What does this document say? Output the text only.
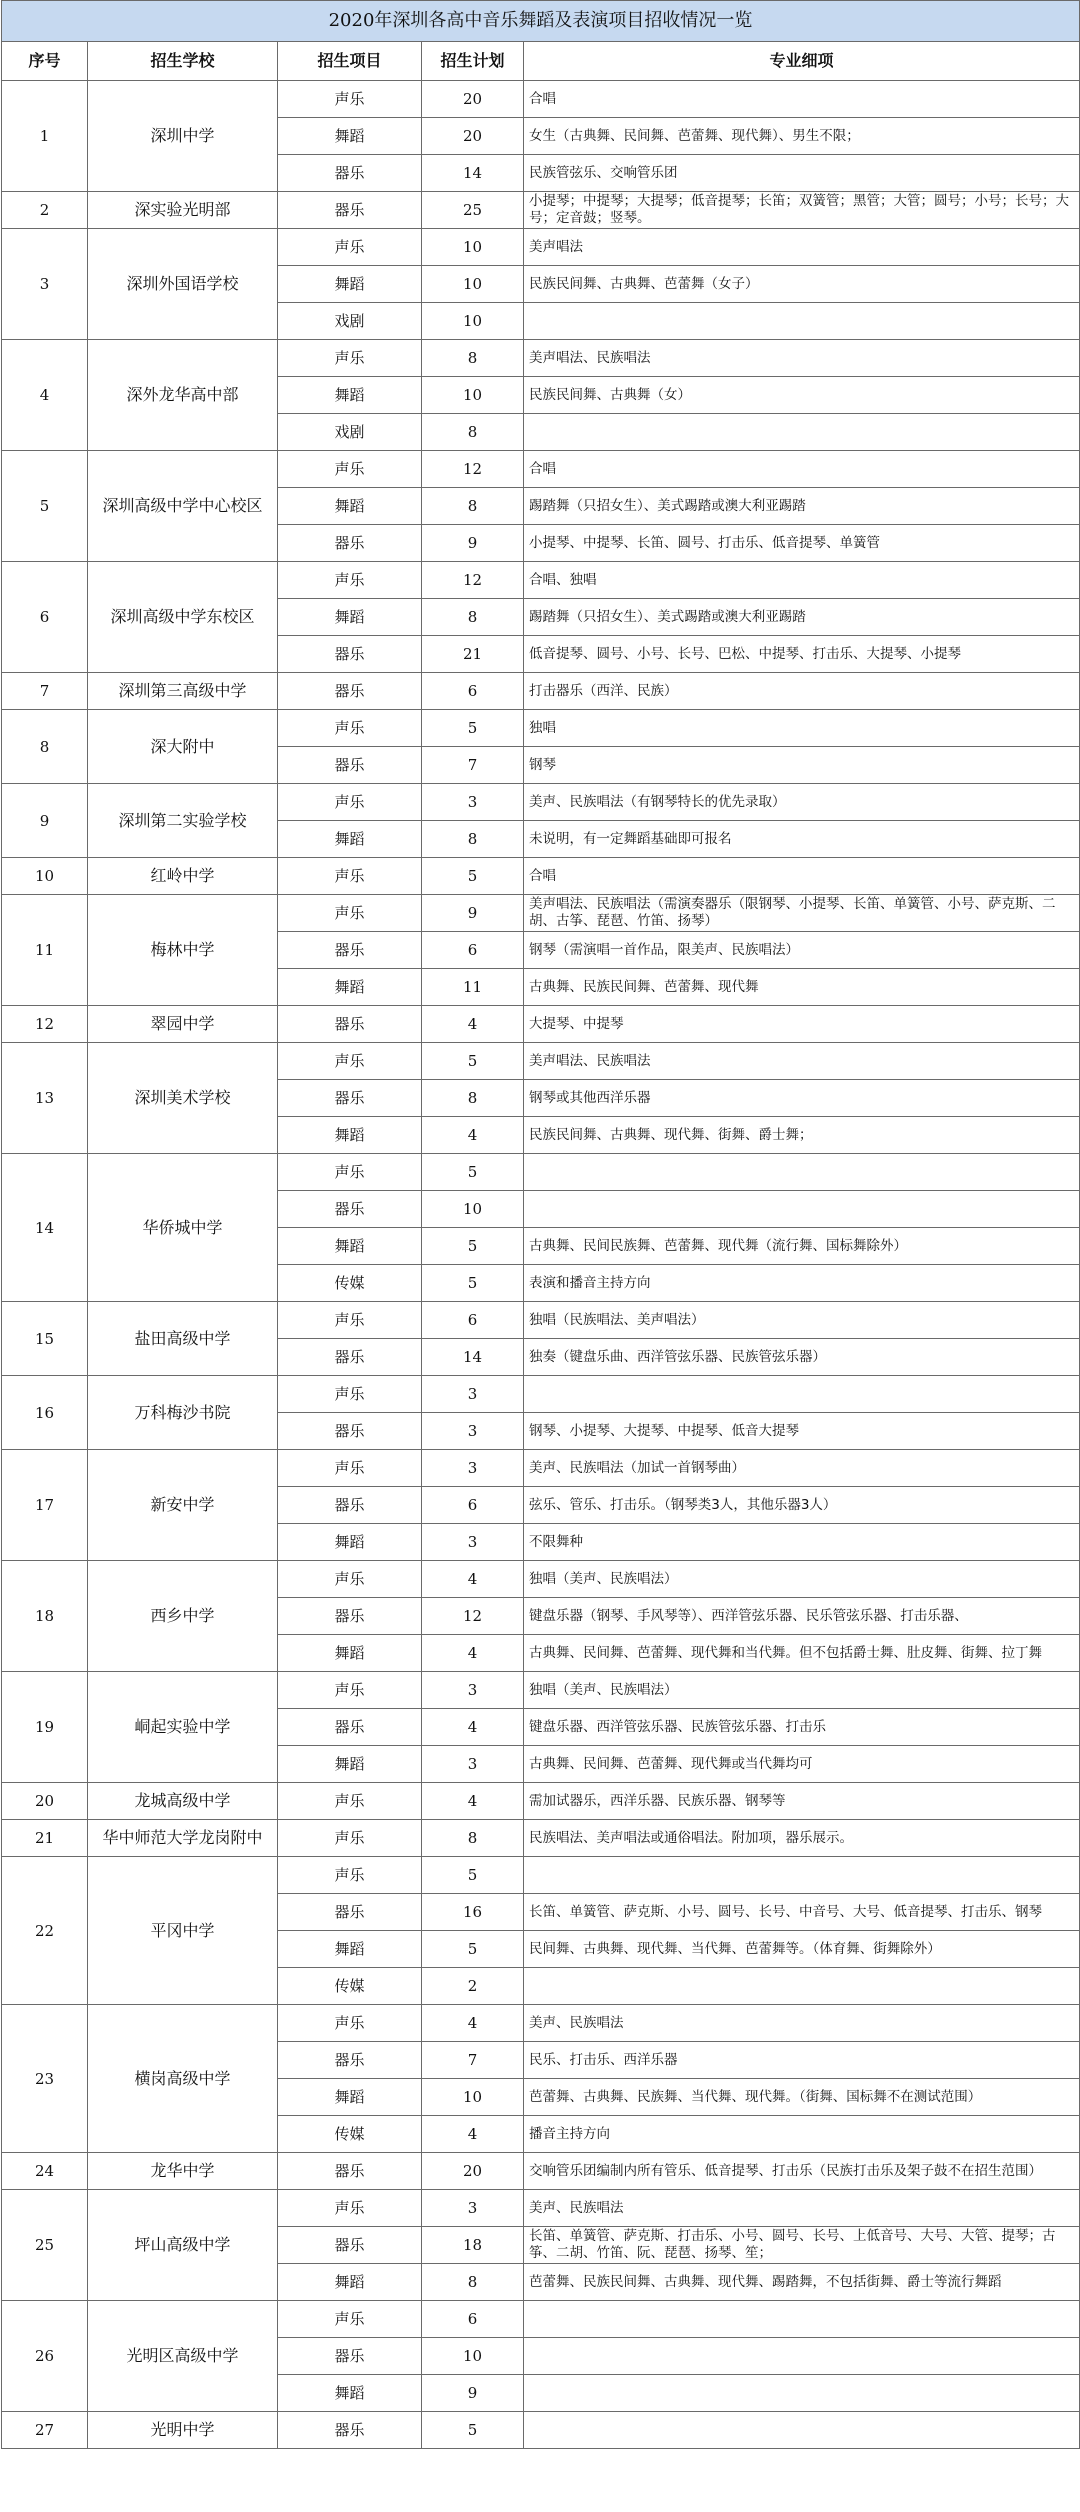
2020年深圳各高中音乐舞蹈及表演项目招收情况一览				
序号	招生学校	招生项目	招生计划	专业细项
1	深圳中学	声乐	20	合唱
		舞蹈	20	女生（古典舞、民间舞、芭蕾舞、现代舞）、男生不限；
		器乐	14	民族管弦乐、交响管乐团
2	深实验光明部	器乐	25	小提琴；中提琴；大提琴；低音提琴；长笛；双簧管；黑管；大管；圆号；小号；长号；大号；定音鼓；竖琴。
3	深圳外国语学校	声乐	10	美声唱法
		舞蹈	10	民族民间舞、古典舞、芭蕾舞（女子）
		戏剧	10	
4	深外龙华高中部	声乐	8	美声唱法、民族唱法
		舞蹈	10	民族民间舞、古典舞（女）
		戏剧	8	
5	深圳高级中学中心校区	声乐	12	合唱
		舞蹈	8	踢踏舞（只招女生）、美式踢踏或澳大利亚踢踏
		器乐	9	小提琴、中提琴、长笛、圆号、打击乐、低音提琴、单簧管
6	深圳高级中学东校区	声乐	12	合唱、独唱
		舞蹈	8	踢踏舞（只招女生）、美式踢踏或澳大利亚踢踏
		器乐	21	低音提琴、圆号、小号、长号、巴松、中提琴、打击乐、大提琴、小提琴
7	深圳第三高级中学	器乐	6	打击器乐（西洋、民族）
8	深大附中	声乐	5	独唱
		器乐	7	钢琴
9	深圳第二实验学校	声乐	3	美声、民族唱法（有钢琴特长的优先录取）
		舞蹈	8	未说明，有一定舞蹈基础即可报名
10	红岭中学	声乐	5	合唱
11	梅林中学	声乐	9	美声唱法、民族唱法（需演奏器乐（限钢琴、小提琴、长笛、单簧管、小号、萨克斯、二胡、古筝、琵琶、竹笛、扬琴）
		器乐	6	钢琴（需演唱一首作品，限美声、民族唱法）
		舞蹈	11	古典舞、民族民间舞、芭蕾舞、现代舞
12	翠园中学	器乐	4	大提琴、中提琴
13	深圳美术学校	声乐	5	美声唱法、民族唱法
		器乐	8	钢琴或其他西洋乐器
		舞蹈	4	民族民间舞、古典舞、现代舞、街舞、爵士舞；
14	华侨城中学	声乐	5	
		器乐	10	
		舞蹈	5	古典舞、民间民族舞、芭蕾舞、现代舞（流行舞、国标舞除外）
		传媒	5	表演和播音主持方向
15	盐田高级中学	声乐	6	独唱（民族唱法、美声唱法）
		器乐	14	独奏（键盘乐曲、西洋管弦乐器、民族管弦乐器）
16	万科梅沙书院	声乐	3	
		器乐	3	钢琴、小提琴、大提琴、中提琴、低音大提琴
17	新安中学	声乐	3	美声、民族唱法（加试一首钢琴曲）
		器乐	6	弦乐、管乐、打击乐。（钢琴类3人，其他乐器3人）
		舞蹈	3	不限舞种
18	西乡中学	声乐	4	独唱（美声、民族唱法）
		器乐	12	键盘乐器（钢琴、手风琴等）、西洋管弦乐器、民乐管弦乐器、打击乐器、
		舞蹈	4	古典舞、民间舞、芭蕾舞、现代舞和当代舞。但不包括爵士舞、肚皮舞、街舞、拉丁舞
19	峒起实验中学	声乐	3	独唱（美声、民族唱法）
		器乐	4	键盘乐器、西洋管弦乐器、民族管弦乐器、打击乐
		舞蹈	3	古典舞、民间舞、芭蕾舞、现代舞或当代舞均可
20	龙城高级中学	声乐	4	需加试器乐，西洋乐器、民族乐器、钢琴等
21	华中师范大学龙岗附中	声乐	8	民族唱法、美声唱法或通俗唱法。附加项，器乐展示。
22	平冈中学	声乐	5	
		器乐	16	长笛、单簧管、萨克斯、小号、圆号、长号、中音号、大号、低音提琴、打击乐、钢琴
		舞蹈	5	民间舞、古典舞、现代舞、当代舞、芭蕾舞等。（体育舞、街舞除外）
		传媒	2	
23	横岗高级中学	声乐	4	美声、民族唱法
		器乐	7	民乐、打击乐、西洋乐器
		舞蹈	10	芭蕾舞、古典舞、民族舞、当代舞、现代舞。（街舞、国标舞不在测试范围）
		传媒	4	播音主持方向
24	龙华中学	器乐	20	交响管乐团编制内所有管乐、低音提琴、打击乐（民族打击乐及架子鼓不在招生范围）
25	坪山高级中学	声乐	3	美声、民族唱法
		器乐	18	长笛、单簧管、萨克斯、打击乐、小号、圆号、长号、上低音号、大号、大管、提琴；古筝、二胡、竹笛、阮、琵琶、扬琴、笙；
		舞蹈	8	芭蕾舞、民族民间舞、古典舞、现代舞、踢踏舞，不包括街舞、爵士等流行舞蹈
26	光明区高级中学	声乐	6	
		器乐	10	
		舞蹈	9	
27	光明中学	器乐	5	
